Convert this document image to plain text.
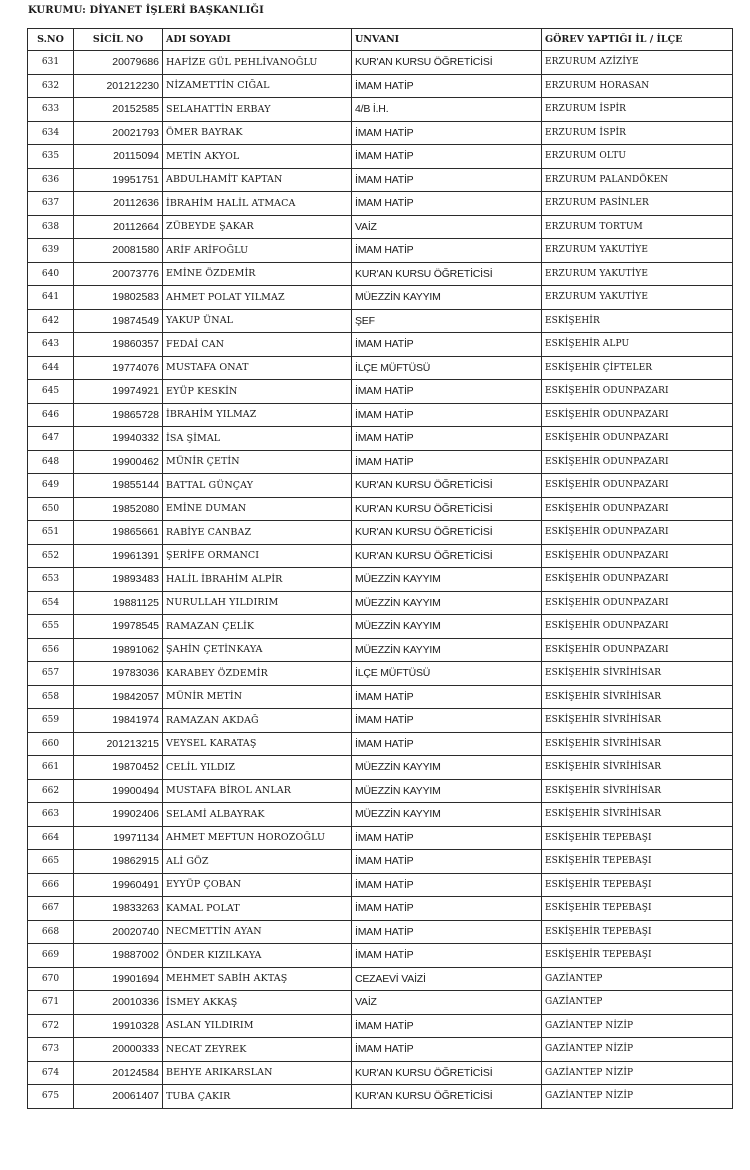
KURUMU: DİYANET İŞLERİ BAŞKANLIĞI
S.NO	SİCİL NO	ADI SOYADI	UNVANI	GÖREV YAPTIĞI İL / İLÇE
631	20079686	HAFİZE GÜL PEHLİVANOĞLU	KUR'AN KURSU ÖĞRETİCİSİ	ERZURUM AZİZİYE
632	201212230	NİZAMETTİN CIĞAL	İMAM HATİP	ERZURUM HORASAN
633	20152585	SELAHATTİN ERBAY	4/B İ.H.	ERZURUM İSPİR
634	20021793	ÖMER BAYRAK	İMAM HATİP	ERZURUM İSPİR
635	20115094	METİN AKYOL	İMAM HATİP	ERZURUM OLTU
636	19951751	ABDULHAMİT KAPTAN	İMAM HATİP	ERZURUM PALANDÖKEN
637	20112636	İBRAHİM HALİL ATMACA	İMAM HATİP	ERZURUM PASİNLER
638	20112664	ZÜBEYDE ŞAKAR	VAİZ	ERZURUM TORTUM
639	20081580	ARİF ARİFOĞLU	İMAM HATİP	ERZURUM YAKUTİYE
640	20073776	EMİNE ÖZDEMİR	KUR'AN KURSU ÖĞRETİCİSİ	ERZURUM YAKUTİYE
641	19802583	AHMET POLAT YILMAZ	MÜEZZİN KAYYIM	ERZURUM YAKUTİYE
642	19874549	YAKUP ÜNAL	ŞEF	ESKİŞEHİR
643	19860357	FEDAİ CAN	İMAM HATİP	ESKİŞEHİR ALPU
644	19774076	MUSTAFA ONAT	İLÇE MÜFTÜSÜ	ESKİŞEHİR ÇİFTELER
645	19974921	EYÜP KESKİN	İMAM HATİP	ESKİŞEHİR ODUNPAZARI
646	19865728	İBRAHİM YILMAZ	İMAM HATİP	ESKİŞEHİR ODUNPAZARI
647	19940332	İSA ŞİMAL	İMAM HATİP	ESKİŞEHİR ODUNPAZARI
648	19900462	MÜNİR ÇETİN	İMAM HATİP	ESKİŞEHİR ODUNPAZARI
649	19855144	BATTAL GÜNÇAY	KUR'AN KURSU ÖĞRETİCİSİ	ESKİŞEHİR ODUNPAZARI
650	19852080	EMİNE DUMAN	KUR'AN KURSU ÖĞRETİCİSİ	ESKİŞEHİR ODUNPAZARI
651	19865661	RABİYE CANBAZ	KUR'AN KURSU ÖĞRETİCİSİ	ESKİŞEHİR ODUNPAZARI
652	19961391	ŞERİFE ORMANCI	KUR'AN KURSU ÖĞRETİCİSİ	ESKİŞEHİR ODUNPAZARI
653	19893483	HALİL İBRAHİM ALPİR	MÜEZZİN KAYYIM	ESKİŞEHİR ODUNPAZARI
654	19881125	NURULLAH YILDIRIM	MÜEZZİN KAYYIM	ESKİŞEHİR ODUNPAZARI
655	19978545	RAMAZAN ÇELİK	MÜEZZİN KAYYIM	ESKİŞEHİR ODUNPAZARI
656	19891062	ŞAHİN ÇETİNKAYA	MÜEZZİN KAYYIM	ESKİŞEHİR ODUNPAZARI
657	19783036	KARABEY ÖZDEMİR	İLÇE MÜFTÜSÜ	ESKİŞEHİR SİVRİHİSAR
658	19842057	MÜNİR METİN	İMAM HATİP	ESKİŞEHİR SİVRİHİSAR
659	19841974	RAMAZAN AKDAĞ	İMAM HATİP	ESKİŞEHİR SİVRİHİSAR
660	201213215	VEYSEL KARATAŞ	İMAM HATİP	ESKİŞEHİR SİVRİHİSAR
661	19870452	CELİL YILDIZ	MÜEZZİN KAYYIM	ESKİŞEHİR SİVRİHİSAR
662	19900494	MUSTAFA BİROL ANLAR	MÜEZZİN KAYYIM	ESKİŞEHİR SİVRİHİSAR
663	19902406	SELAMİ ALBAYRAK	MÜEZZİN KAYYIM	ESKİŞEHİR SİVRİHİSAR
664	19971134	AHMET MEFTUN HOROZOĞLU	İMAM HATİP	ESKİŞEHİR TEPEBAŞI
665	19862915	ALİ GÖZ	İMAM HATİP	ESKİŞEHİR TEPEBAŞI
666	19960491	EYYÜP ÇOBAN	İMAM HATİP	ESKİŞEHİR TEPEBAŞI
667	19833263	KAMAL POLAT	İMAM HATİP	ESKİŞEHİR TEPEBAŞI
668	20020740	NECMETTİN AYAN	İMAM HATİP	ESKİŞEHİR TEPEBAŞI
669	19887002	ÖNDER KIZILKAYA	İMAM HATİP	ESKİŞEHİR TEPEBAŞI
670	19901694	MEHMET SABİH AKTAŞ	CEZAEVİ VAİZİ	GAZİANTEP
671	20010336	İSMEY AKKAŞ	VAİZ	GAZİANTEP
672	19910328	ASLAN YILDIRIM	İMAM HATİP	GAZİANTEP NİZİP
673	20000333	NECAT ZEYREK	İMAM HATİP	GAZİANTEP NİZİP
674	20124584	BEHYE ARIKARSLAN	KUR'AN KURSU ÖĞRETİCİSİ	GAZİANTEP NİZİP
675	20061407	TUBA ÇAKIR	KUR'AN KURSU ÖĞRETİCİSİ	GAZİANTEP NİZİP
